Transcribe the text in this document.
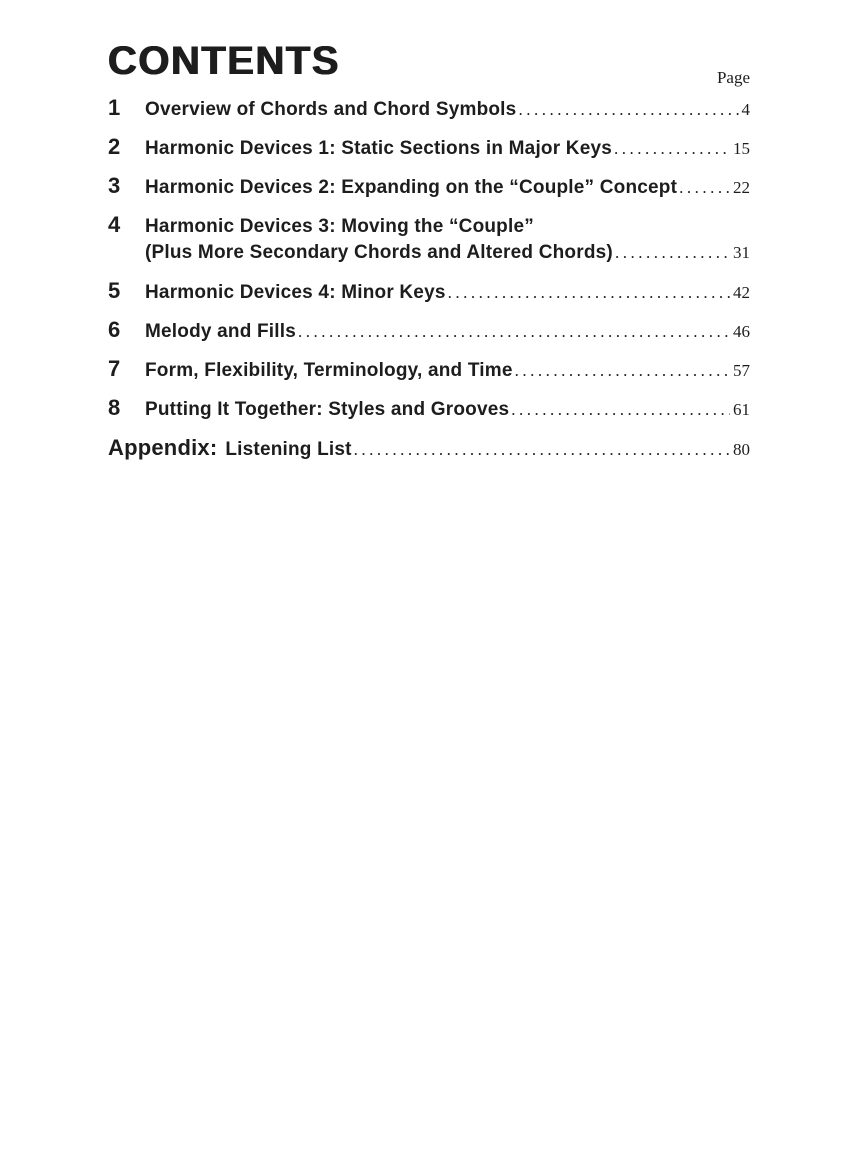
CONTENTS	Page
1	Overview of Chords and Chord Symbols .....	4
2	Harmonic Devices 1: Static Sections in Major Keys .....	15
3	Harmonic Devices 2: Expanding on the “Couple” Concept .....	22
4	Harmonic Devices 3: Moving the “Couple”
(Plus More Secondary Chords and Altered Chords) .....	31
5	Harmonic Devices 4: Minor Keys .....	42
6	Melody and Fills .....	46
7	Form, Flexibility, Terminology, and Time .....	57
8	Putting It Together: Styles and Grooves .....	61
Appendix: Listening List .....	80
